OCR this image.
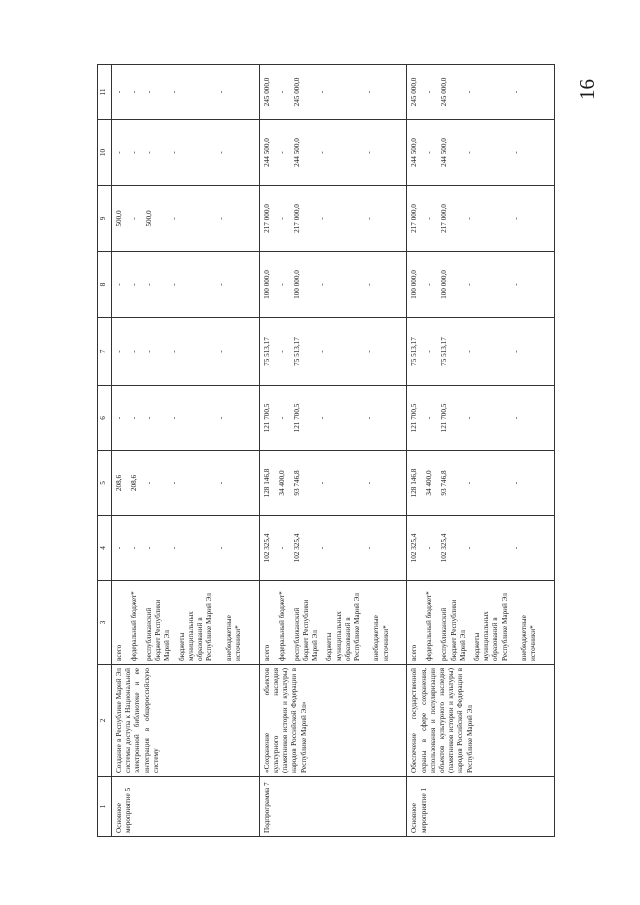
16
1	2	3	4	5	6	7	8	9	10	11
Основное мероприятие 5	Создание в Республике Марий Эл системы доступа к Национальной электронной библиотеке и ее интеграция в общероссийскую систему	всего федеральный бюджет* республиканский бюджет Республики Марий Эл бюджеты муниципальных образований в Республике Марий Эл внебюджетные источники*	- - - - -	208,6 208,6 - - -	- - - - -	- - - - -	- - - - -	500,0 - 500,0 - -	- - - - -	- - - - -

Подпрограмма 7	«Сохранение объектов культурного наследия (памятников истории и культуры) народов Российской Федерации в Республике Марий Эл»	всего федеральный бюджет* республиканский бюджет Республики Марий Эл бюджеты муниципальных образований в Республике Марий Эл внебюджетные источники*	102 325,4 - 102 325,4 - -	128 146,8 34 400,0 93 746,8 - -	121 700,5 - 121 700,5 - -	75 513,17 - 75 513,17 - -	100 000,0 - 100 000,0 - -	217 000,0 - 217 000,0 - -	244 500,0 - 244 500,0 - -	245 000,0 - 245 000,0 - -

Основное мероприятие 1	Обеспечение государственной охраны в сфере сохранения, использования и популяризации объектов культурного наследия (памятников истории и культуры) народов Российской Федерации в Республике Марий Эл	всего федеральный бюджет* республиканский бюджет Республики Марий Эл бюджеты муниципальных образований в Республике Марий Эл внебюджетные источники*	102 325,4 - 102 325,4 - -	128 146,8 34 400,0 93 746,8 - -	121 700,5 - 121 700,5 - -	75 513,17 - 75 513,17 - -	100 000,0 - 100 000,0 - -	217 000,0 - 217 000,0 - -	244 500,0 - 244 500,0 - -	245 000,0 - 245 000,0 - -
